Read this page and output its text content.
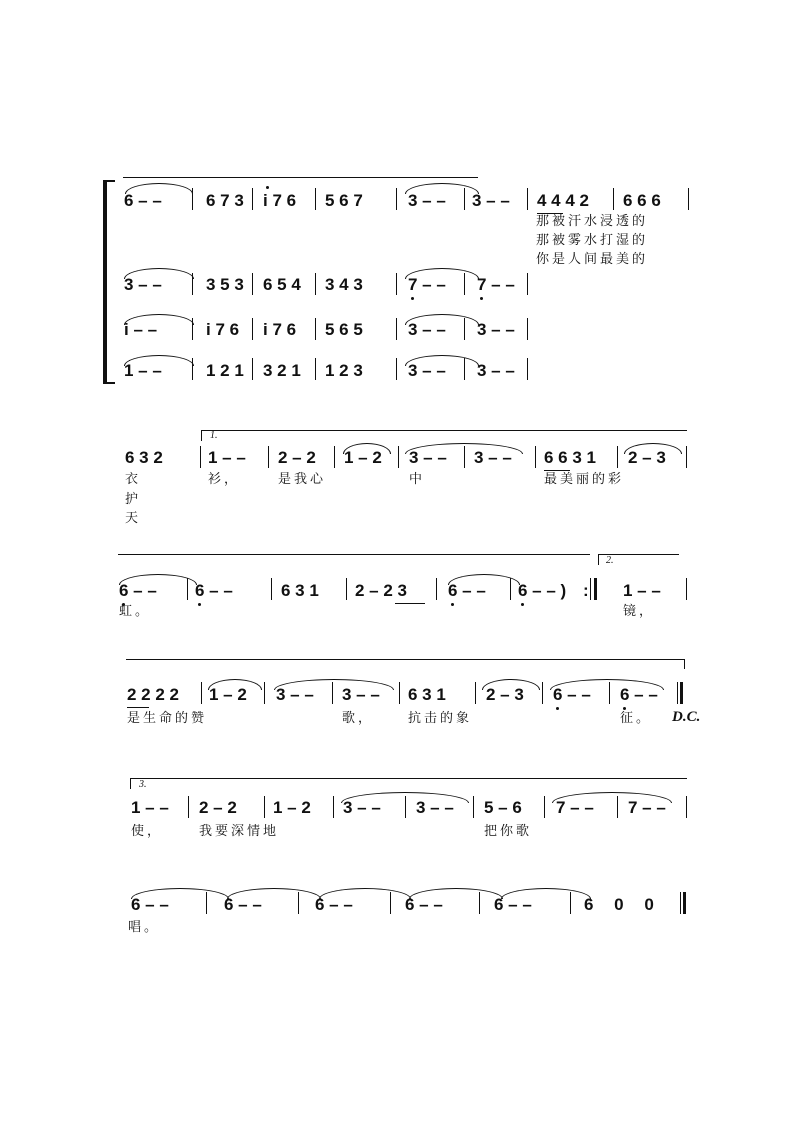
6 – –	6 7 3 i 7 6 5 6 7	3 – – 3 – – 4 4 4 2 6 6 6
那被汗水浸透的
那被雾水打湿的
你是人间最美的
3 – –	3 5 3 6 5 4 3 4 3	7 – – 7 – –
i – –	i 7 6 i 7 6 5 6 5	3 – – 3 – –
1 – –	1 2 1 3 2 1 1 2 3	3 – – 3 – –
1.
6 3 2	1 – – 2 – 2 1 – 2 3 – – 3 – – 6 6 3 1 2 – 3
衣	衫，	是我心	中	最美丽的彩
护
天
2.
6 – – 6 – –	6 3 1 2 – 2 3 6 – – 6 – – ) : 1 – –
虹。	镜，
2 2 2 2 1 – 2 3 – – 3 – – 6 3 1 2 – 3 6 – – 6 – –
是生命的赞	歌，	抗击的象	征。 D.C.
3.
1 – – 2 – 2 1 – 2 3 – – 3 – – 5 – 6 7 – – 7 – –
使，	我要深情地	把你歌
6 – –	6 – –	6 – –	6 – –	6 – –	6 0 0
唱。
